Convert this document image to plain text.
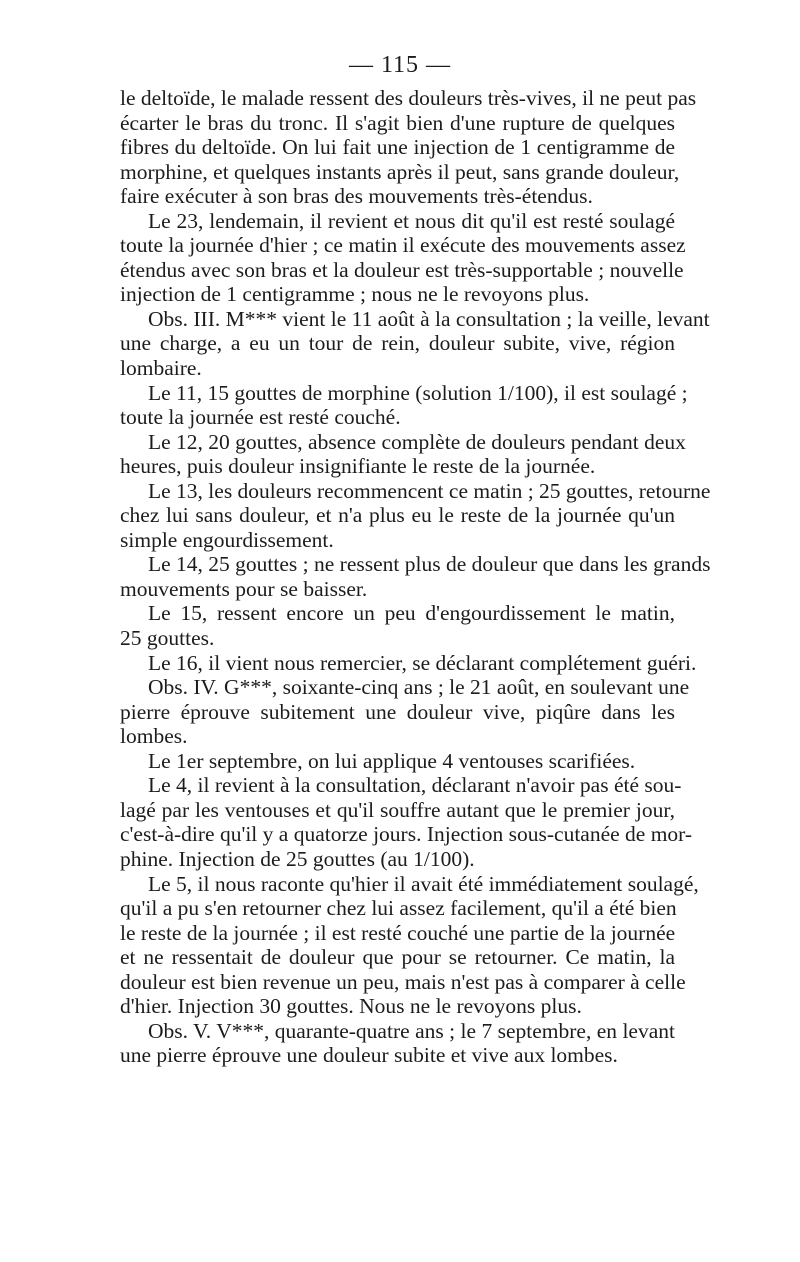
— 115 —
le deltoïde, le malade ressent des douleurs très-vives, il ne peut pas
écarter le bras du tronc. Il s'agit bien d'une rupture de quelques
fibres du deltoïde. On lui fait une injection de 1 centigramme de
morphine, et quelques instants après il peut, sans grande douleur,
faire exécuter à son bras des mouvements très-étendus.
Le 23, lendemain, il revient et nous dit qu'il est resté soulagé
toute la journée d'hier ; ce matin il exécute des mouvements assez
étendus avec son bras et la douleur est très-supportable ; nouvelle
injection de 1 centigramme ; nous ne le revoyons plus.
Obs. III. M*** vient le 11 août à la consultation ; la veille, levant
une charge, a eu un tour de rein, douleur subite, vive, région
lombaire.
Le 11, 15 gouttes de morphine (solution 1/100), il est soulagé ;
toute la journée est resté couché.
Le 12, 20 gouttes, absence complète de douleurs pendant deux
heures, puis douleur insignifiante le reste de la journée.
Le 13, les douleurs recommencent ce matin ; 25 gouttes, retourne
chez lui sans douleur, et n'a plus eu le reste de la journée qu'un
simple engourdissement.
Le 14, 25 gouttes ; ne ressent plus de douleur que dans les grands
mouvements pour se baisser.
Le 15, ressent encore un peu d'engourdissement le matin,
25 gouttes.
Le 16, il vient nous remercier, se déclarant complétement guéri.
Obs. IV. G***, soixante-cinq ans ; le 21 août, en soulevant une
pierre éprouve subitement une douleur vive, piqûre dans les
lombes.
Le 1er septembre, on lui applique 4 ventouses scarifiées.
Le 4, il revient à la consultation, déclarant n'avoir pas été sou-
lagé par les ventouses et qu'il souffre autant que le premier jour,
c'est-à-dire qu'il y a quatorze jours. Injection sous-cutanée de mor-
phine. Injection de 25 gouttes (au 1/100).
Le 5, il nous raconte qu'hier il avait été immédiatement soulagé,
qu'il a pu s'en retourner chez lui assez facilement, qu'il a été bien
le reste de la journée ; il est resté couché une partie de la journée
et ne ressentait de douleur que pour se retourner. Ce matin, la
douleur est bien revenue un peu, mais n'est pas à comparer à celle
d'hier. Injection 30 gouttes. Nous ne le revoyons plus.
Obs. V. V***, quarante-quatre ans ; le 7 septembre, en levant
une pierre éprouve une douleur subite et vive aux lombes.
